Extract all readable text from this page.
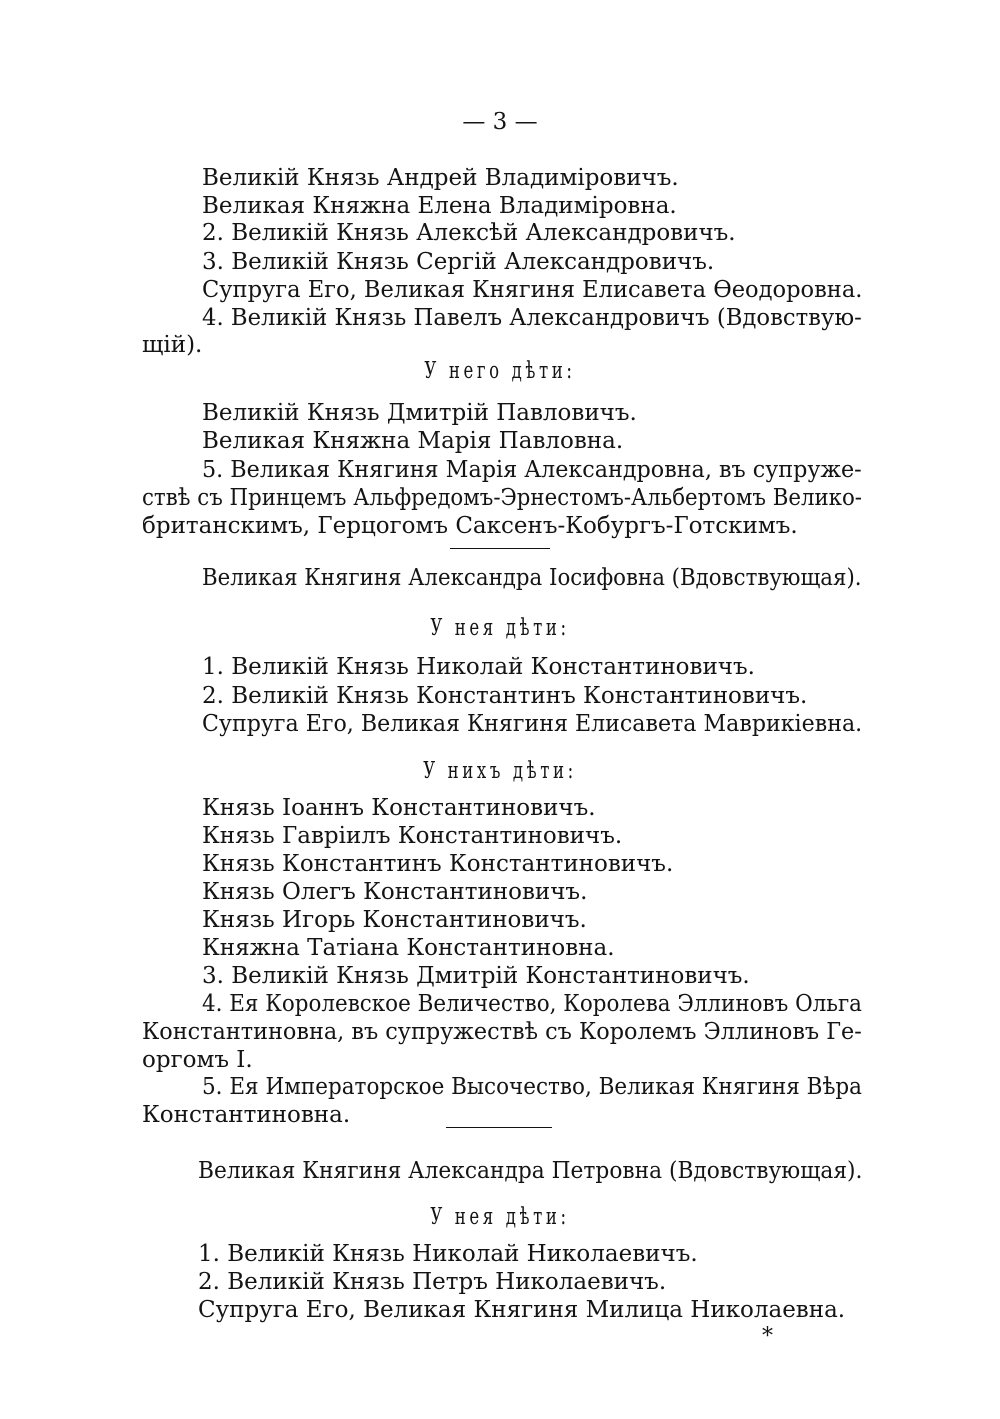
— 3 —
Великій Князь Андрей Владиміровичъ.
Великая Княжна Елена Владиміровна.
2. Великій Князь Алексѣй Александровичъ.
3. Великій Князь Сергій Александровичъ.
Супруга Его, Великая Княгиня Елисавета Ѳеодоровна.
4. Великій Князь Павелъ Александровичъ (Вдовствую-
щій).
У него дѣти:
Великій Князь Дмитрій Павловичъ.
Великая Княжна Марія Павловна.
5. Великая Княгиня Марія Александровна, въ супруже-
ствѣ съ Принцемъ Альфредомъ-Эрнестомъ-Альбертомъ Велико-
британскимъ, Герцогомъ Саксенъ-Кобургъ-Готскимъ.
Великая Княгиня Александра Іосифовна (Вдовствующая).
У нея дѣти:
1. Великій Князь Николай Константиновичъ.
2. Великій Князь Константинъ Константиновичъ.
Супруга Его, Великая Княгиня Елисавета Маврикіевна.
У нихъ дѣти:
Князь Іоаннъ Константиновичъ.
Князь Гавріилъ Константиновичъ.
Князь Константинъ Константиновичъ.
Князь Олегъ Константиновичъ.
Князь Игорь Константиновичъ.
Княжна Татіана Константиновна.
3. Великій Князь Дмитрій Константиновичъ.
4. Ея Королевское Величество, Королева Эллиновъ Ольга
Константиновна, въ супружествѣ съ Королемъ Эллиновъ Ге-
оргомъ I.
5. Ея Императорское Высочество, Великая Княгиня Вѣра
Константиновна.
Великая Княгиня Александра Петровна (Вдовствующая).
У нея дѣти:
1. Великій Князь Николай Николаевичъ.
2. Великій Князь Петръ Николаевичъ.
Супруга Его, Великая Княгиня Милица Николаевна.
*
